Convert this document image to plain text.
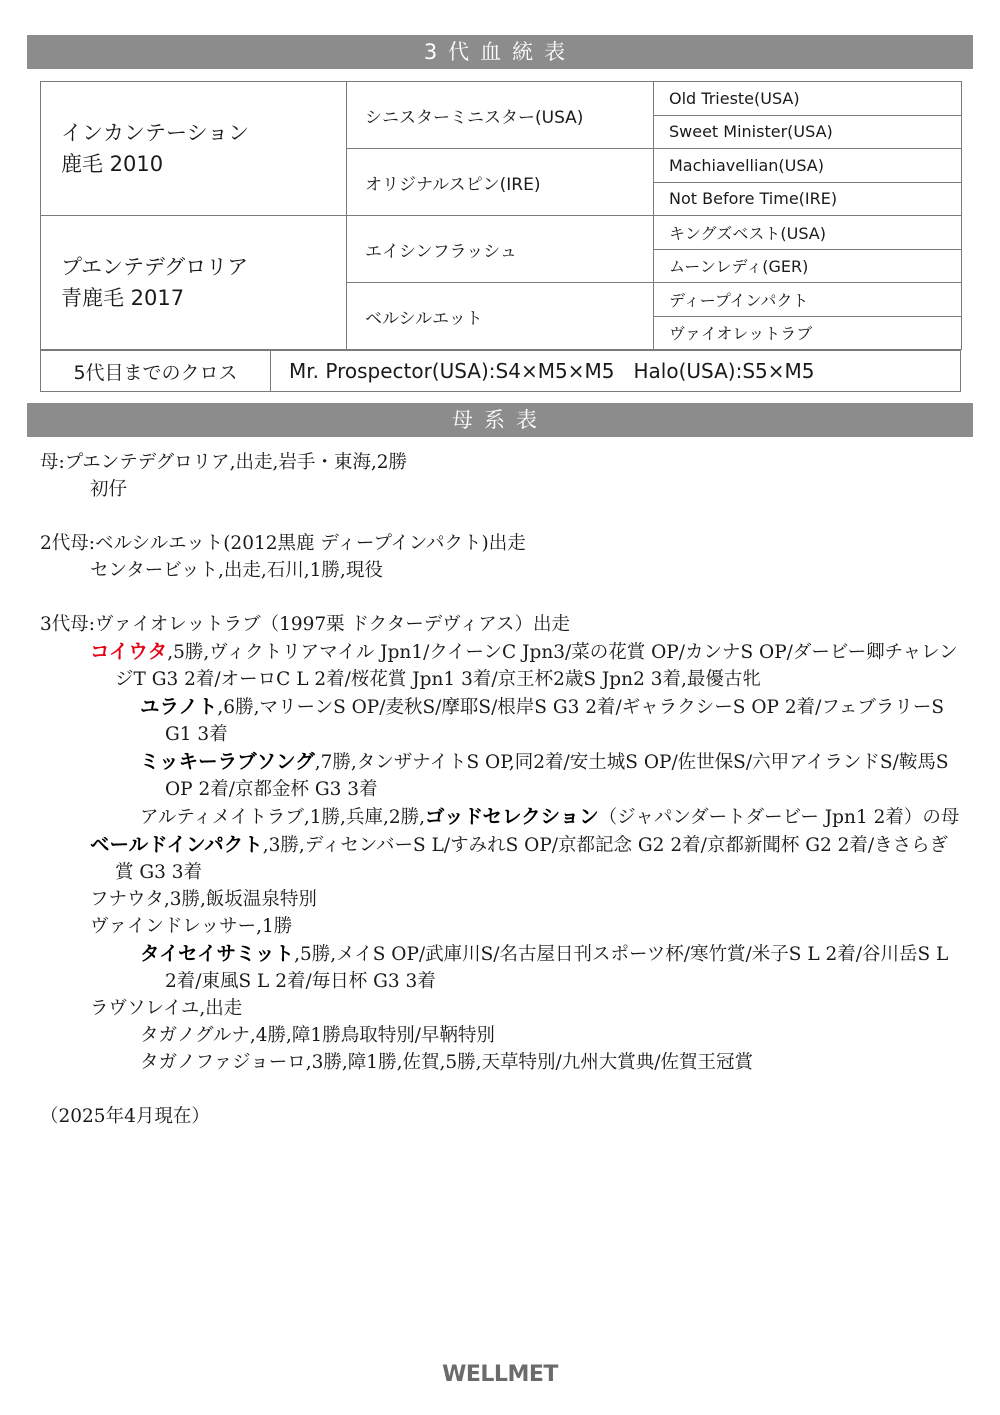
3代血統表
インカンテーション
鹿毛 2010	シニスターミニスター(USA)	Old Trieste(USA)
		Sweet Minister(USA)
	オリジナルスピン(IRE)	Machiavellian(USA)
		Not Before Time(IRE)

プエンテデグロリア
青鹿毛 2017	エイシンフラッシュ	キングズベスト(USA)
		ムーンレディ(GER)
	ベルシルエット	ディープインパクト
		ヴァイオレットラブ
5代目までのクロス	Mr. Prospector(USA):S4×M5×M5   Halo(USA):S5×M5
母系表
母:プエンテデグロリア,出走,岩手・東海,2勝
初仔
2代母:ベルシルエット(2012黒鹿 ディープインパクト)出走
センタービット,出走,石川,1勝,現役
3代母:ヴァイオレットラブ（1997栗 ドクターデヴィアス）出走
コイウタ,5勝,ヴィクトリアマイル Jpn1/クイーンC Jpn3/菜の花賞 OP/カンナS OP/ダービー卿チャレンジT G3 2着/オーロC L 2着/桜花賞 Jpn1 3着/京王杯2歳S Jpn2 3着,最優古牝
ユラノト,6勝,マリーンS OP/麦秋S/摩耶S/根岸S G3 2着/ギャラクシーS OP 2着/フェブラリーS G1 3着
ミッキーラブソング,7勝,タンザナイトS OP,同2着/安土城S OP/佐世保S/六甲アイランドS/鞍馬S OP 2着/京都金杯 G3 3着
アルティメイトラブ,1勝,兵庫,2勝,ゴッドセレクション（ジャパンダートダービー Jpn1 2着）の母
ベールドインパクト,3勝,ディセンバーS L/すみれS OP/京都記念 G2 2着/京都新聞杯 G2 2着/きさらぎ賞 G3 3着
フナウタ,3勝,飯坂温泉特別
ヴァインドレッサー,1勝
タイセイサミット,5勝,メイS OP/武庫川S/名古屋日刊スポーツ杯/寒竹賞/米子S L 2着/谷川岳S L 2着/東風S L 2着/毎日杯 G3 3着
ラヴソレイユ,出走
タガノグルナ,4勝,障1勝鳥取特別/早鞆特別
タガノファジョーロ,3勝,障1勝,佐賀,5勝,天草特別/九州大賞典/佐賀王冠賞
（2025年4月現在）
WELLMET
